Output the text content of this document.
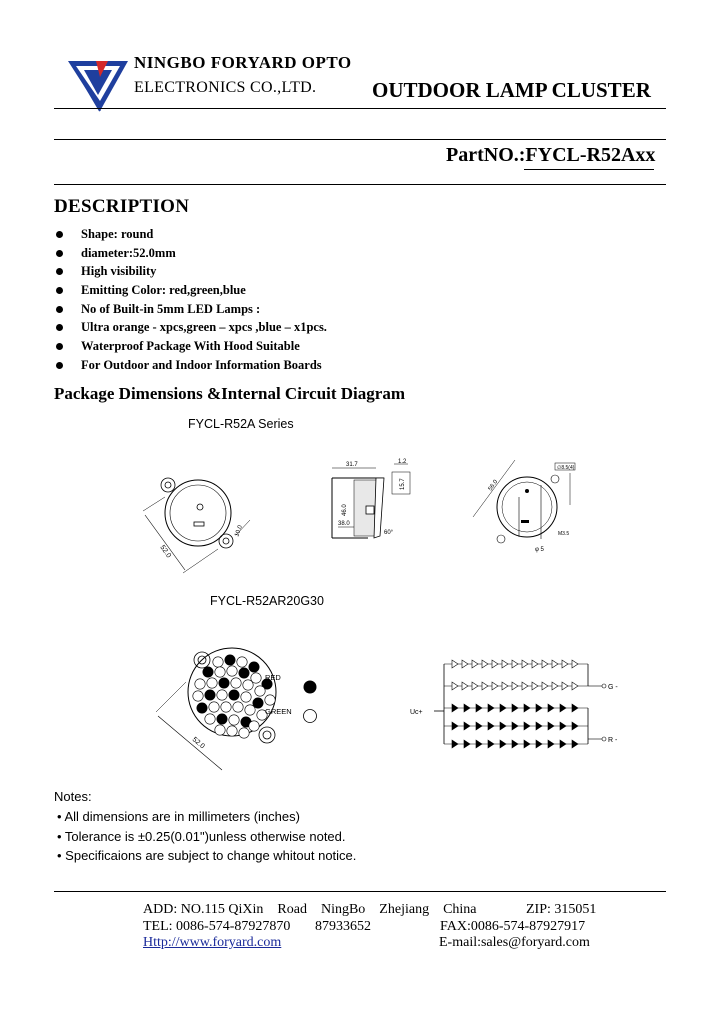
NINGBO FORYARD OPTO
ELECTRONICS CO.,LTD.	OUTDOOR LAMP CLUSTER
PartNO.:FYCL-R52Axx
DESCRIPTION
Shape: round
diameter:52.0mm
High visibility
Emitting Color: red,green,blue
No of Built-in 5mm LED Lamps :
Ultra orange - xpcs,green – xpcs ,blue – x1pcs.
Waterproof Package With Hood Suitable
For Outdoor and Indoor Information Boards
Package Dimensions &Internal Circuit Diagram
FYCL-R52A Series
52.0
10.0
31.7
38.0
46.0
1.2
15.7
60°
56.0
∅8.5(4)
M3.5
φ 5
FYCL-R52AR20G30
52.0
RED
GREEN	Uc+
G -
R -
Notes:
• All dimensions are in millimeters (inches)
• Tolerance is ±0.25(0.01")unless otherwise noted.
• Specificaions are subject to change whitout notice.
ADD: NO.115 QiXin    Road    NingBo    Zhejiang    China	ZIP: 315051
TEL: 0086-574-87927870 87933652	FAX:0086-574-87927917
Http://www.foryard.com	E-mail:sales@foryard.com
